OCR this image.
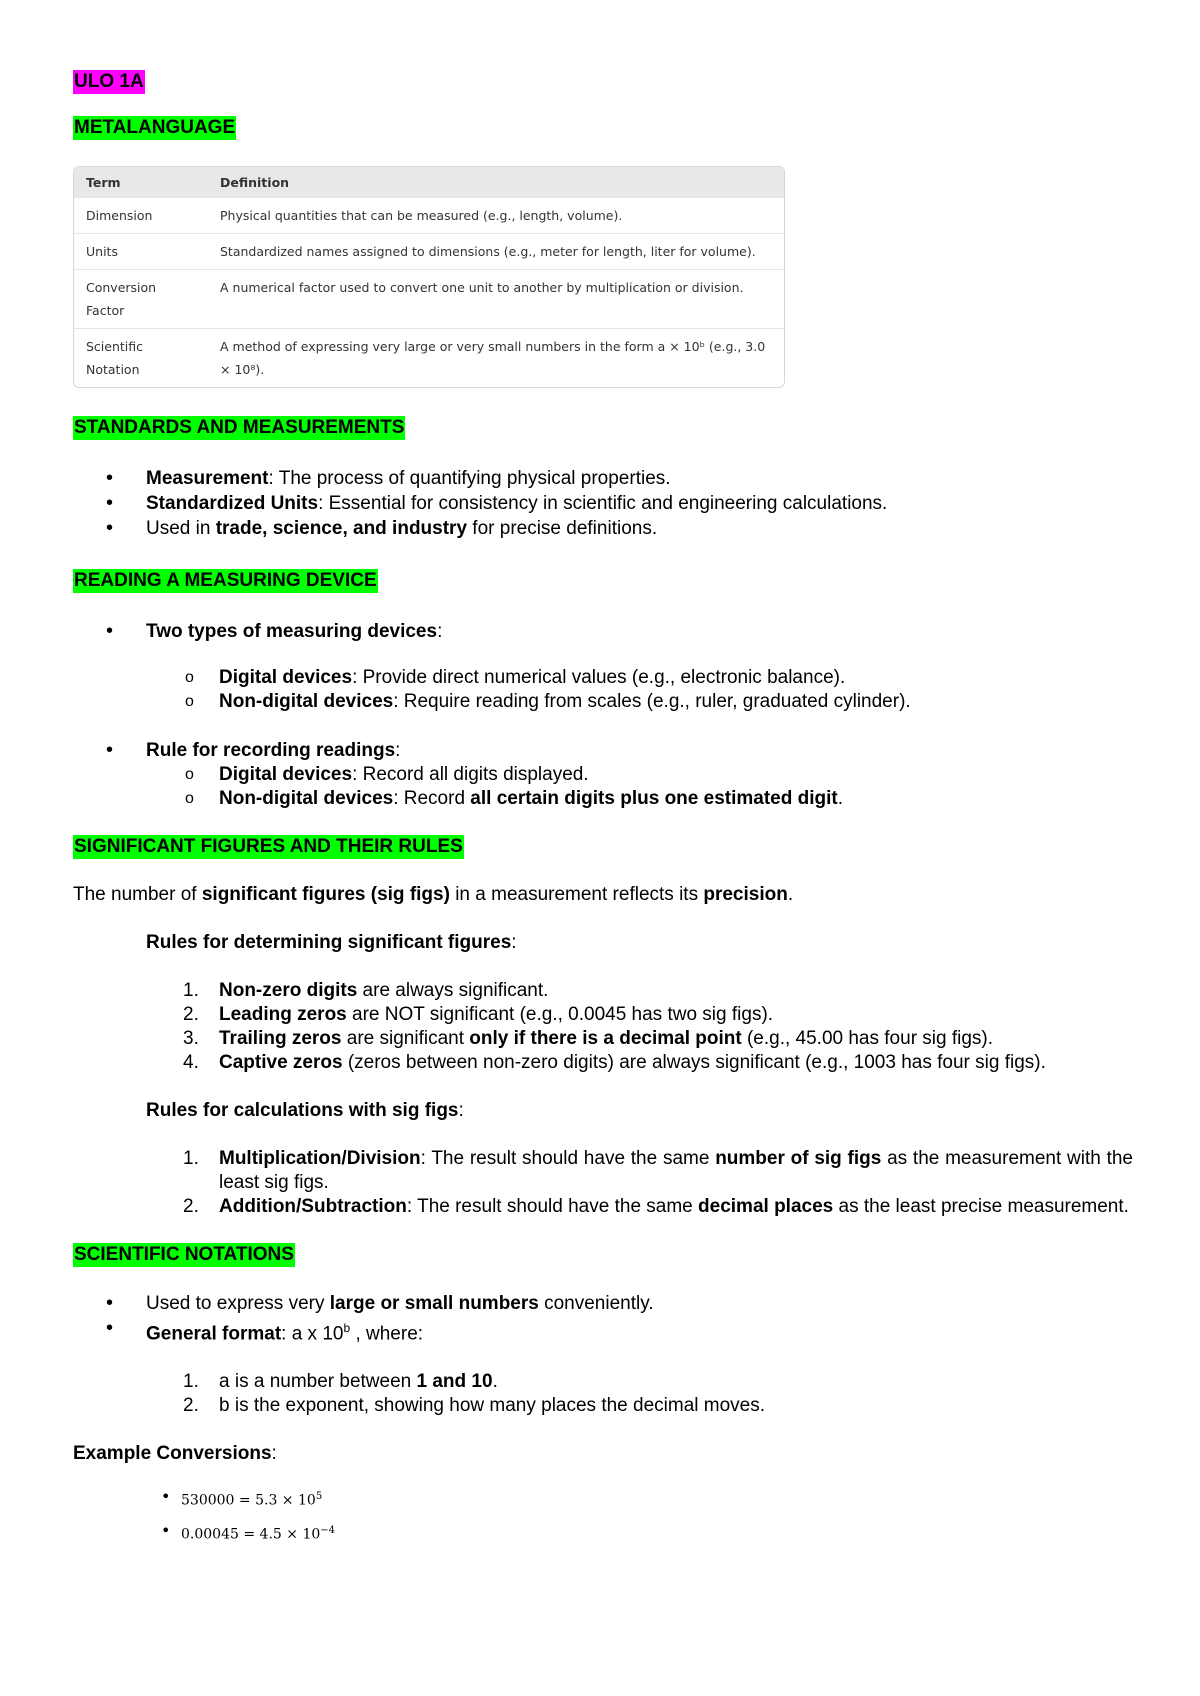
ULO 1A

METALANGUAGE

Term	Definition
Dimension	Physical quantities that can be measured (e.g., length, volume).
Units	Standardized names assigned to dimensions (e.g., meter for length, liter for volume).
Conversion Factor	A numerical factor used to convert one unit to another by multiplication or division.
Scientific Notation	A method of expressing very large or very small numbers in the form a × 10ᵇ (e.g., 3.0 × 10⁸).

STANDARDS AND MEASUREMENTS

• Measurement: The process of quantifying physical properties.
• Standardized Units: Essential for consistency in scientific and engineering calculations.
• Used in trade, science, and industry for precise definitions.

READING A MEASURING DEVICE

• Two types of measuring devices:
o Digital devices: Provide direct numerical values (e.g., electronic balance).
o Non-digital devices: Require reading from scales (e.g., ruler, graduated cylinder).
• Rule for recording readings:
o Digital devices: Record all digits displayed.
o Non-digital devices: Record all certain digits plus one estimated digit.

SIGNIFICANT FIGURES AND THEIR RULES

The number of significant figures (sig figs) in a measurement reflects its precision.

Rules for determining significant figures:

1. Non-zero digits are always significant.
2. Leading zeros are NOT significant (e.g., 0.0045 has two sig figs).
3. Trailing zeros are significant only if there is a decimal point (e.g., 45.00 has four sig figs).
4. Captive zeros (zeros between non-zero digits) are always significant (e.g., 1003 has four sig figs).

Rules for calculations with sig figs:

1. Multiplication/Division: The result should have the same number of sig figs as the measurement with the least sig figs.
2. Addition/Subtraction: The result should have the same decimal places as the least precise measurement.

SCIENTIFIC NOTATIONS

• Used to express very large or small numbers conveniently.
• General format: a x 10$^b$ , where:
1. a is a number between 1 and 10.
2. b is the exponent, showing how many places the decimal moves.

Example Conversions:

• $530000 = 5.3 \times 10^5$
• $0.00045 = 4.5 \times 10^{-4}$
